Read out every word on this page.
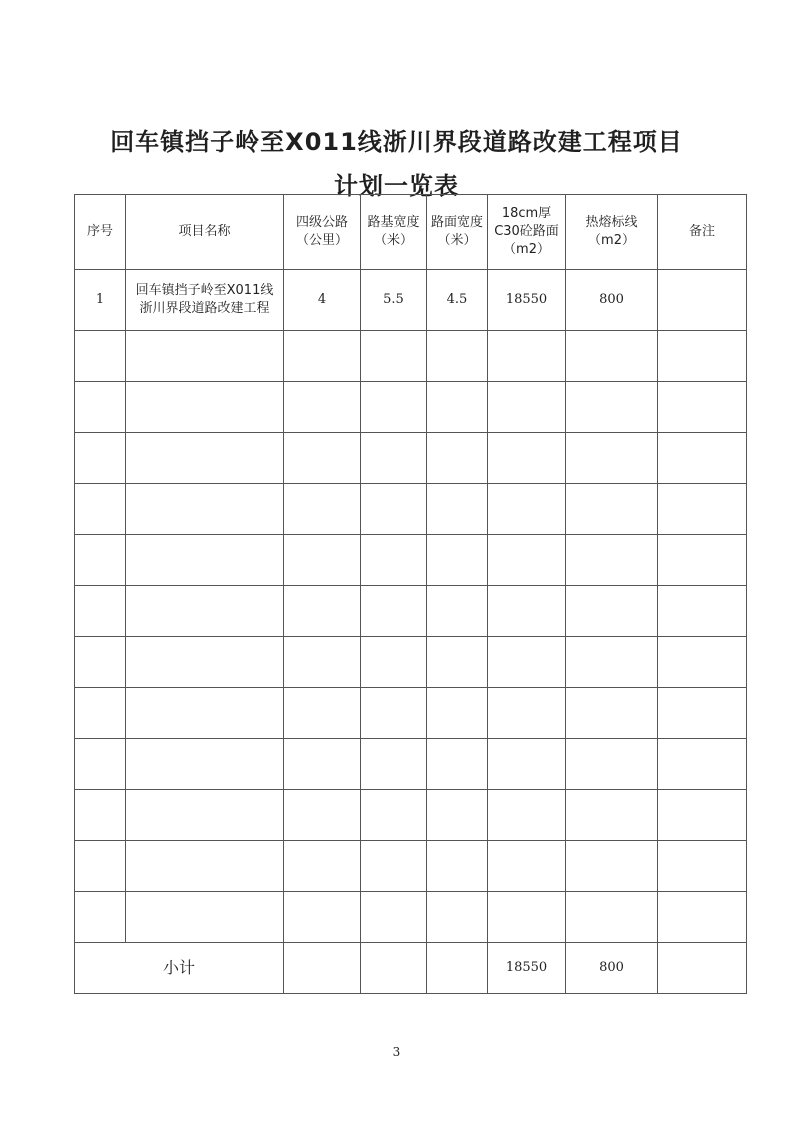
回车镇挡子岭至X011线浙川界段道路改建工程项目
计划一览表
序号	项目名称	四级公路（公里）	路基宽度（米）	路面宽度（米）	18cm厚C30砼路面（m2）	热熔标线（m2）	备注
1	回车镇挡子岭至X011线浙川界段道路改建工程	4	5.5	4.5	18550	800	

小计					18550	800	
3
